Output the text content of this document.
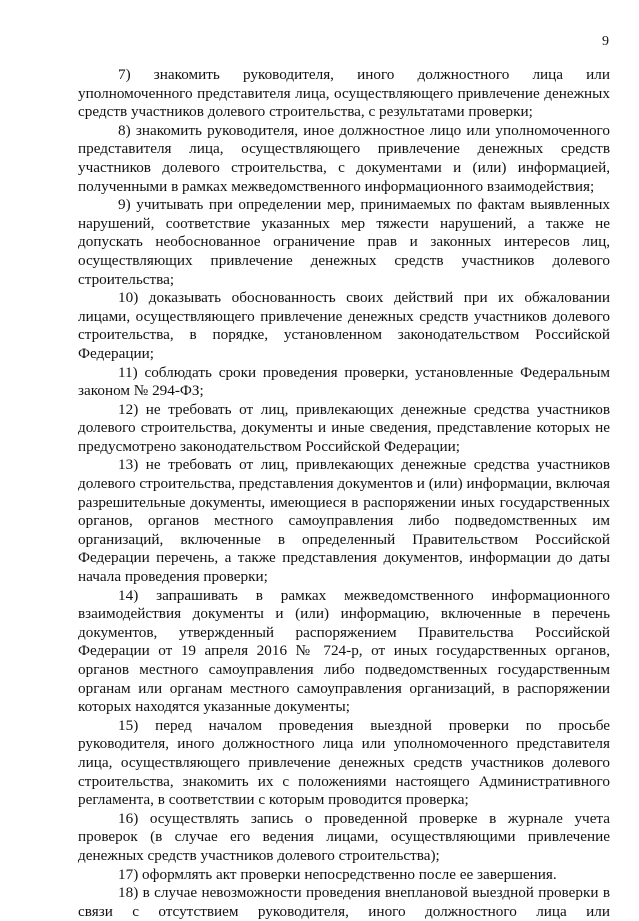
9

7) знакомить руководителя, иного должностного лица или уполномоченного представителя лица, осуществляющего привлечение денежных средств участников долевого строительства, с результатами проверки;

8) знакомить руководителя, иное должностное лицо или уполномоченного представителя лица, осуществляющего привлечение денежных средств участников долевого строительства, с документами и (или) информацией, полученными в рамках межведомственного информационного взаимодействия;

9) учитывать при определении мер, принимаемых по фактам выявленных нарушений, соответствие указанных мер тяжести нарушений, а также не допускать необоснованное ограничение прав и законных интересов лиц, осуществляющих привлечение денежных средств участников долевого строительства;

10) доказывать обоснованность своих действий при их обжаловании лицами, осуществляющего привлечение денежных средств участников долевого строительства, в порядке, установленном законодательством Российской Федерации;

11) соблюдать сроки проведения проверки, установленные Федеральным законом № 294-ФЗ;

12) не требовать от лиц, привлекающих денежные средства участников долевого строительства, документы и иные сведения, представление которых не предусмотрено законодательством Российской Федерации;

13) не требовать от лиц, привлекающих денежные средства участников долевого строительства, представления документов и (или) информации, включая разрешительные документы, имеющиеся в распоряжении иных государственных органов, органов местного самоуправления либо подведомственных им организаций, включенные в определенный Правительством Российской Федерации перечень, а также представления документов, информации до даты начала проведения проверки;

14) запрашивать в рамках межведомственного информационного взаимодействия документы и (или) информацию, включенные в перечень документов, утвержденный распоряжением Правительства Российской Федерации от 19 апреля 2016 № 724-р, от иных государственных органов, органов местного самоуправления либо подведомственных государственным органам или органам местного самоуправления организаций, в распоряжении которых находятся указанные документы;

15) перед началом проведения выездной проверки по просьбе руководителя, иного должностного лица или уполномоченного представителя лица, осуществляющего привлечение денежных средств участников долевого строительства, знакомить их с положениями настоящего Административного регламента, в соответствии с которым проводится проверка;

16) осуществлять запись о проведенной проверке в журнале учета проверок (в случае его ведения лицами, осуществляющими привлечение денежных средств участников долевого строительства);

17) оформлять акт проверки непосредственно после ее завершения.

18) в случае невозможности проведения внеплановой выездной проверки в связи с отсутствием руководителя, иного должностного лица или
